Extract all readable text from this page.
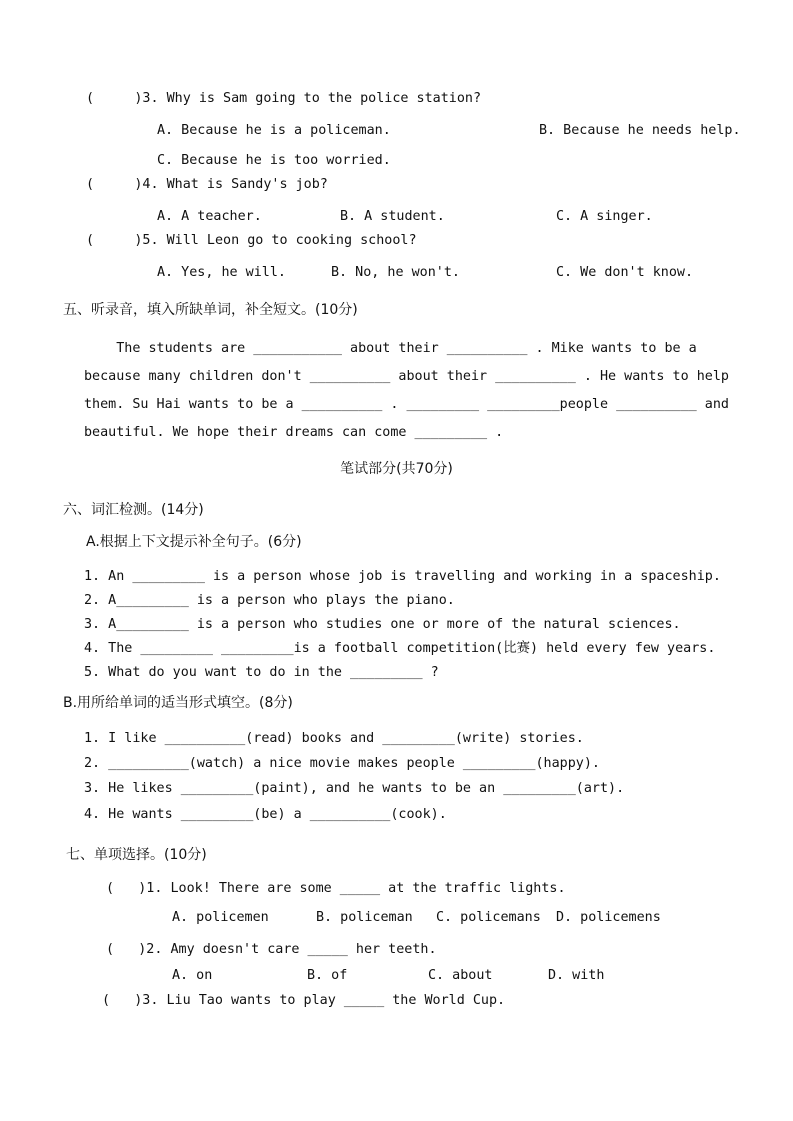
(     )3. Why is Sam going to the police station?
A. Because he is a policeman.	B. Because he needs help.
C. Because he is too worried.
(     )4. What is Sandy's job?
A. A teacher.	B. A student.	C. A singer.
(     )5. Will Leon go to cooking school?
A. Yes, he will.	B. No, he won't.	C. We don't know.
五、听录音，填入所缺单词，补全短文。(10分)
The students are ___________ about their __________ . Mike wants to be a
because many children don't __________ about their __________ . He wants to help
them. Su Hai wants to be a __________ . _________ _________people __________ and
beautiful. We hope their dreams can come _________ .
笔试部分(共70分)
六、词汇检测。(14分)
A.根据上下文提示补全句子。(6分)
1. An _________ is a person whose job is travelling and working in a spaceship.
2. A_________ is a person who plays the piano.
3. A_________ is a person who studies one or more of the natural sciences.
4. The _________ _________is a football competition(比赛) held every few years.
5. What do you want to do in the _________ ?
B.用所给单词的适当形式填空。(8分)
1. I like __________(read) books and _________(write) stories.
2. __________(watch) a nice movie makes people _________(happy).
3. He likes _________(paint), and he wants to be an _________(art).
4. He wants _________(be) a __________(cook).
七、单项选择。(10分)
(   )1. Look! There are some _____ at the traffic lights.
A. policemen	B. policeman C. policemans D. policemens
(   )2. Amy doesn't care _____ her teeth.
A. on	B. of	C. about	D. with
(   )3. Liu Tao wants to play _____ the World Cup.
